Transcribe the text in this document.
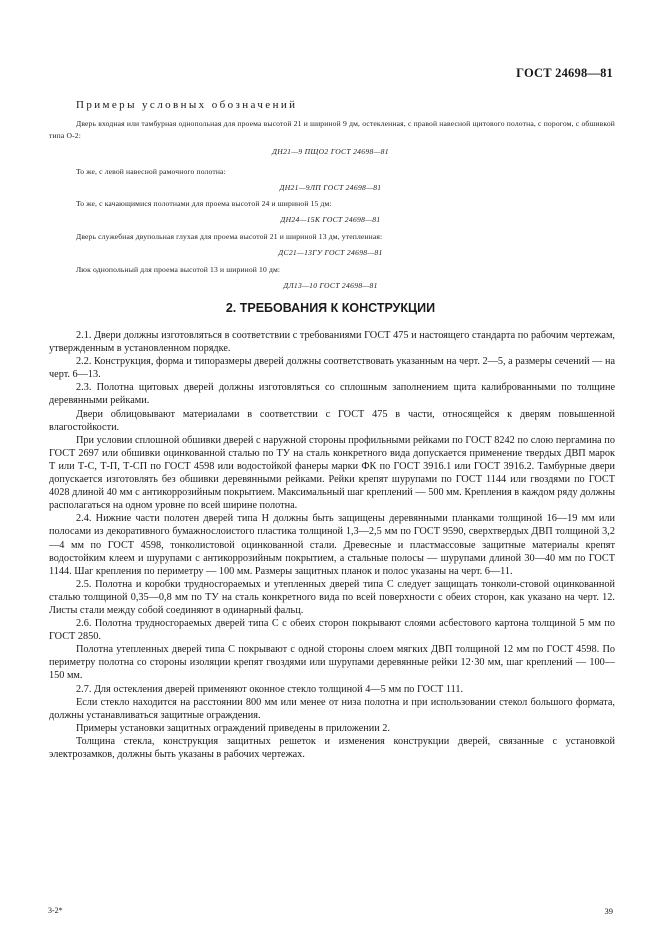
ГОСТ 24698—81
Примеры условных обозначений
Дверь входная или тамбурная однопольная для проема высотой 21 и шириной 9 дм, остекленная, с правой навесной щитового полотна, с порогом, с обшивкой типа О-2:
ДН21—9 ПЩО2 ГОСТ 24698—81
То же, с левой навесной рамочного полотна:
ДН21—9ЛП ГОСТ 24698—81
То же, с качающимися полотнами для проема высотой 24 и шириной 15 дм:
ДН24—15К ГОСТ 24698—81
Дверь служебная двупольная глухая для проема высотой 21 и шириной 13 дм, утепленная:
ДС21—13ГУ ГОСТ 24698—81
Люк однопольный для проема высотой 13 и шириной 10 дм:
ДЛ13—10 ГОСТ 24698—81
2. ТРЕБОВАНИЯ К КОНСТРУКЦИИ

2.1. Двери должны изготовляться в соответствии с требованиями ГОСТ 475 и настоящего стандарта по рабочим чертежам, утвержденным в установленном порядке.

2.2. Конструкция, форма и типоразмеры дверей должны соответствовать указанным на черт. 2—5, а размеры сечений — на черт. 6—13.

2.3. Полотна щитовых дверей должны изготовляться со сплошным заполнением щита калиброванными по толщине деревянными рейками.

Двери облицовывают материалами в соответствии с ГОСТ 475 в части, относящейся к дверям повышенной влагостойкости.

При условии сплошной обшивки дверей с наружной стороны профильными рейками по ГОСТ 8242 по слою пергамина по ГОСТ 2697 или обшивки оцинкованной сталью по ТУ на сталь конкретного вида допускается применение твердых ДВП марок Т или Т-С, Т-П, Т-СП по ГОСТ 4598 или водостойкой фанеры марки ФК по ГОСТ 3916.1 или ГОСТ 3916.2. Тамбурные двери допускается изготовлять без обшивки деревянными рейками. Рейки крепят шурупами по ГОСТ 1144 или гвоздями по ГОСТ 4028 длиной 40 мм с антикоррозийным покрытием. Максимальный шаг креплений — 500 мм. Крепления в каждом ряду должны располагаться на одном уровне по всей ширине полотна.

2.4. Нижние части полотен дверей типа Н должны быть защищены деревянными планками толщиной 16—19 мм или полосами из декоративного бумажнослоистого пластика толщиной 1,3—2,5 мм по ГОСТ 9590, сверхтвердых ДВП толщиной 3,2—4 мм по ГОСТ 4598, тонколистовой оцинкованной стали. Древесные и пластмассовые защитные материалы крепят водостойким клеем и шурупами с антикоррозийным покрытием, а стальные полосы — шурупами длиной 30—40 мм по ГОСТ 1144. Шаг крепления по периметру — 100 мм. Размеры защитных планок и полос указаны на черт. 6—11.

2.5. Полотна и коробки трудносгораемых и утепленных дверей типа С следует защищать тонколи-стовой оцинкованной сталью толщиной 0,35—0,8 мм по ТУ на сталь конкретного вида по всей поверхности с обеих сторон, как указано на черт. 12. Листы стали между собой соединяют в одинарный фальц.

2.6. Полотна трудносгораемых дверей типа С с обеих сторон покрывают слоями асбестового картона толщиной 5 мм по ГОСТ 2850.

Полотна утепленных дверей типа С покрывают с одной стороны слоем мягких ДВП толщиной 12 мм по ГОСТ 4598. По периметру полотна со стороны изоляции крепят гвоздями или шурупами деревянные рейки 12·30 мм, шаг креплений — 100—150 мм.

2.7. Для остекления дверей применяют оконное стекло толщиной 4—5 мм по ГОСТ 111.

Если стекло находится на расстоянии 800 мм или менее от низа полотна и при использовании стекол большого формата, должны устанавливаться защитные ограждения.

Примеры установки защитных ограждений приведены в приложении 2.

Толщина стекла, конструкция защитных решеток и изменения конструкции дверей, связанные с установкой электрозамков, должны быть указаны в рабочих чертежах.

3-2*	39
